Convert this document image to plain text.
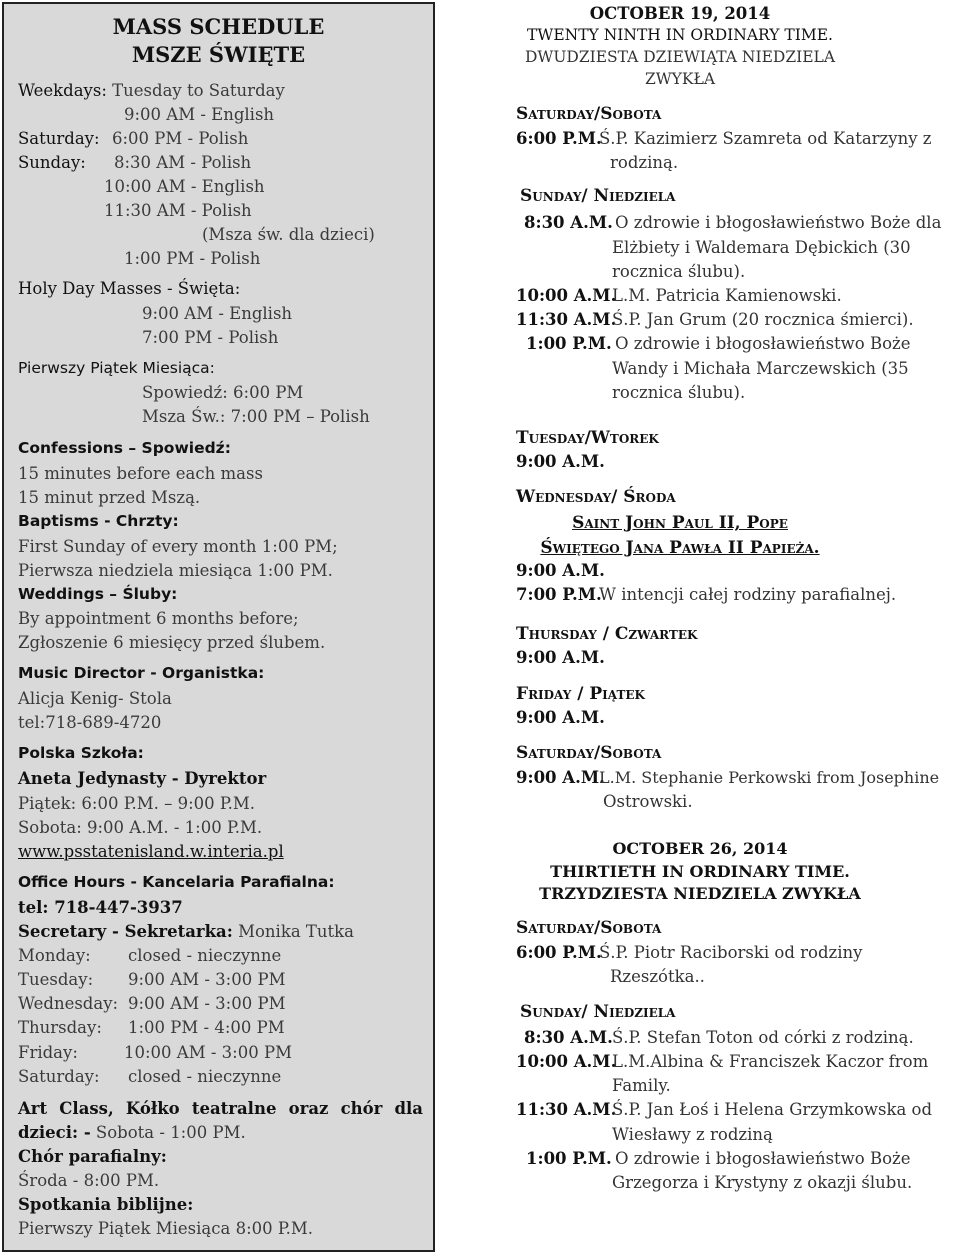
MASS SCHEDULE
MSZE ŚWIĘTE
Weekdays: Tuesday to Saturday
9:00 AM - English
Saturday: 6:00 PM - Polish
Sunday: 8:30 AM - Polish
10:00 AM - English
11:30 AM - Polish
(Msza św. dla dzieci)
1:00 PM - Polish
Holy Day Masses - Święta:
9:00 AM - English
7:00 PM - Polish
Pierwszy Piątek Miesiąca:
Spowiedź: 6:00 PM
Msza Św.: 7:00 PM – Polish
Confessions – Spowiedź:
15 minutes before each mass
15 minut przed Mszą.
Baptisms - Chrzty:
First Sunday of every month 1:00 PM;
Pierwsza niedziela miesiąca 1:00 PM.
Weddings – Śluby:
By appointment 6 months before;
Zgłoszenie 6 miesięcy przed ślubem.
Music Director - Organistka:
Alicja Kenig- Stola
tel:718-689-4720
Polska Szkoła:
Aneta Jedynasty - Dyrektor
Piątek: 6:00 P.M. – 9:00 P.M.
Sobota: 9:00 A.M. - 1:00 P.M.
www.psstatenisland.w.interia.pl
Office Hours - Kancelaria Parafialna:
tel: 718-447-3937
Secretary - Sekretarka: Monika Tutka
Monday: closed - nieczynne
Tuesday: 9:00 AM - 3:00 PM
Wednesday: 9:00 AM - 3:00 PM
Thursday: 1:00 PM - 4:00 PM
Friday:	10:00 AM - 3:00 PM
Saturday: closed - nieczynne
Art Class, Kółko teatralne oraz chór dla
dzieci: - Sobota - 1:00 PM.
Chór parafialny:
Środa - 8:00 PM.
Spotkania biblijne:
Pierwszy Piątek Miesiąca 8:00 P.M.
OCTOBER 19, 2014
TWENTY NINTH IN ORDINARY TIME.
DWUDZIESTA DZIEWIĄTA NIEDZIELA
ZWYKŁA
Saturday/Sobota
6:00 P.M.
Ś.P. Kazimierz Szamreta od Katarzyny z
rodziną.
Sunday/ Niedziela
8:30 A.M. O zdrowie i błogosławieństwo Boże dla
Elżbiety i Waldemara Dębickich (30
rocznica ślubu).
10:00 A.M.
L.M. Patricia Kamienowski.
11:30 A.M.
Ś.P. Jan Grum (20 rocznica śmierci).
1:00 P.M. O zdrowie i błogosławieństwo Boże
Wandy i Michała Marczewskich (35
rocznica ślubu).
Tuesday/Wtorek
9:00 A.M.
Wednesday/ Środa
Saint John Paul II, Pope
Świętego Jana Pawła II Papieża.
9:00 A.M.
7:00 P.M.
W intencji całej rodziny parafialnej.
Thursday / Czwartek
9:00 A.M.
Friday / Piątek
9:00 A.M.
Saturday/Sobota
9:00 A.M.
L.M. Stephanie Perkowski from Josephine
Ostrowski.
OCTOBER 26, 2014
THIRTIETH IN ORDINARY TIME.
TRZYDZIESTA NIEDZIELA ZWYKŁA
Saturday/Sobota
6:00 P.M.
Ś.P. Piotr Raciborski od rodziny
Rzeszótka..
Sunday/ Niedziela
8:30 A.M. Ś.P. Stefan Toton od córki z rodziną.
10:00 A.M.
L.M.Albina & Franciszek Kaczor from
Family.
11:30 A.M.
Ś.P. Jan Łoś i Helena Grzymkowska od
Wiesławy z rodziną
1:00 P.M. O zdrowie i błogosławieństwo Boże
Grzegorza i Krystyny z okazji ślubu.
